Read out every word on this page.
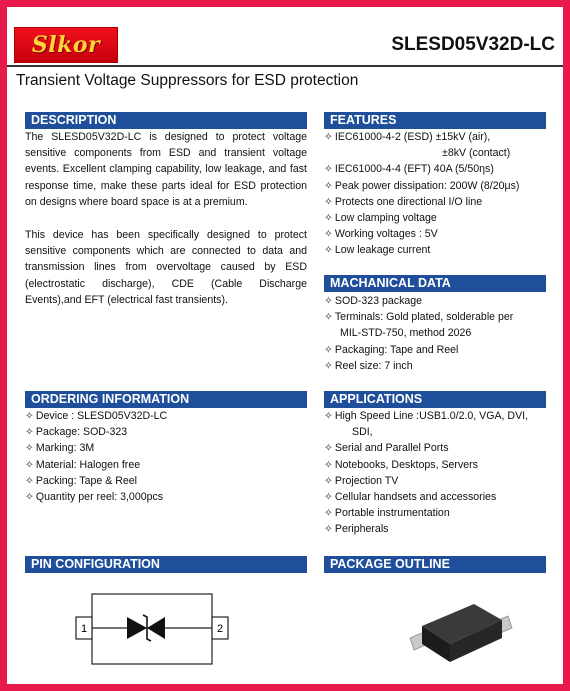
Slkor	SLESD05V32D-LC
Transient Voltage Suppressors for ESD protection
DESCRIPTION
The SLESD05V32D-LC is designed to protect voltage sensitive components from ESD and transient voltage events. Excellent clamping capability, low leakage, and fast response time, make these parts ideal for ESD protection on designs where board space is at a premium.
This device has been specifically designed to protect sensitive components which are connected to data and transmission lines from overvoltage caused by ESD (electrostatic discharge), CDE (Cable Discharge Events),and EFT (electrical fast transients).
FEATURES
✧ IEC61000-4-2 (ESD) ±15kV (air),
±8kV (contact)
✧ IEC61000-4-4 (EFT) 40A (5/50ηs)
✧ Peak power dissipation: 200W (8/20μs)
✧ Protects one directional I/O line
✧ Low clamping voltage
✧ Working voltages : 5V
✧ Low leakage current
MACHANICAL DATA
✧ SOD-323 package
✧ Terminals: Gold plated, solderable per
MIL-STD-750, method 2026
✧ Packaging: Tape and Reel
✧ Reel size: 7 inch
ORDERING INFORMATION
✧ Device : SLESD05V32D-LC
✧ Package: SOD-323
✧ Marking: 3M
✧ Material: Halogen free
✧ Packing: Tape & Reel
✧ Quantity per reel: 3,000pcs
APPLICATIONS
✧ High Speed Line :USB1.0/2.0, VGA, DVI,
SDI,
✧ Serial and Parallel Ports
✧ Notebooks, Desktops, Servers
✧ Projection TV
✧ Cellular handsets and accessories
✧ Portable instrumentation
✧ Peripherals
PIN CONFIGURATION
1	2
PACKAGE OUTLINE
